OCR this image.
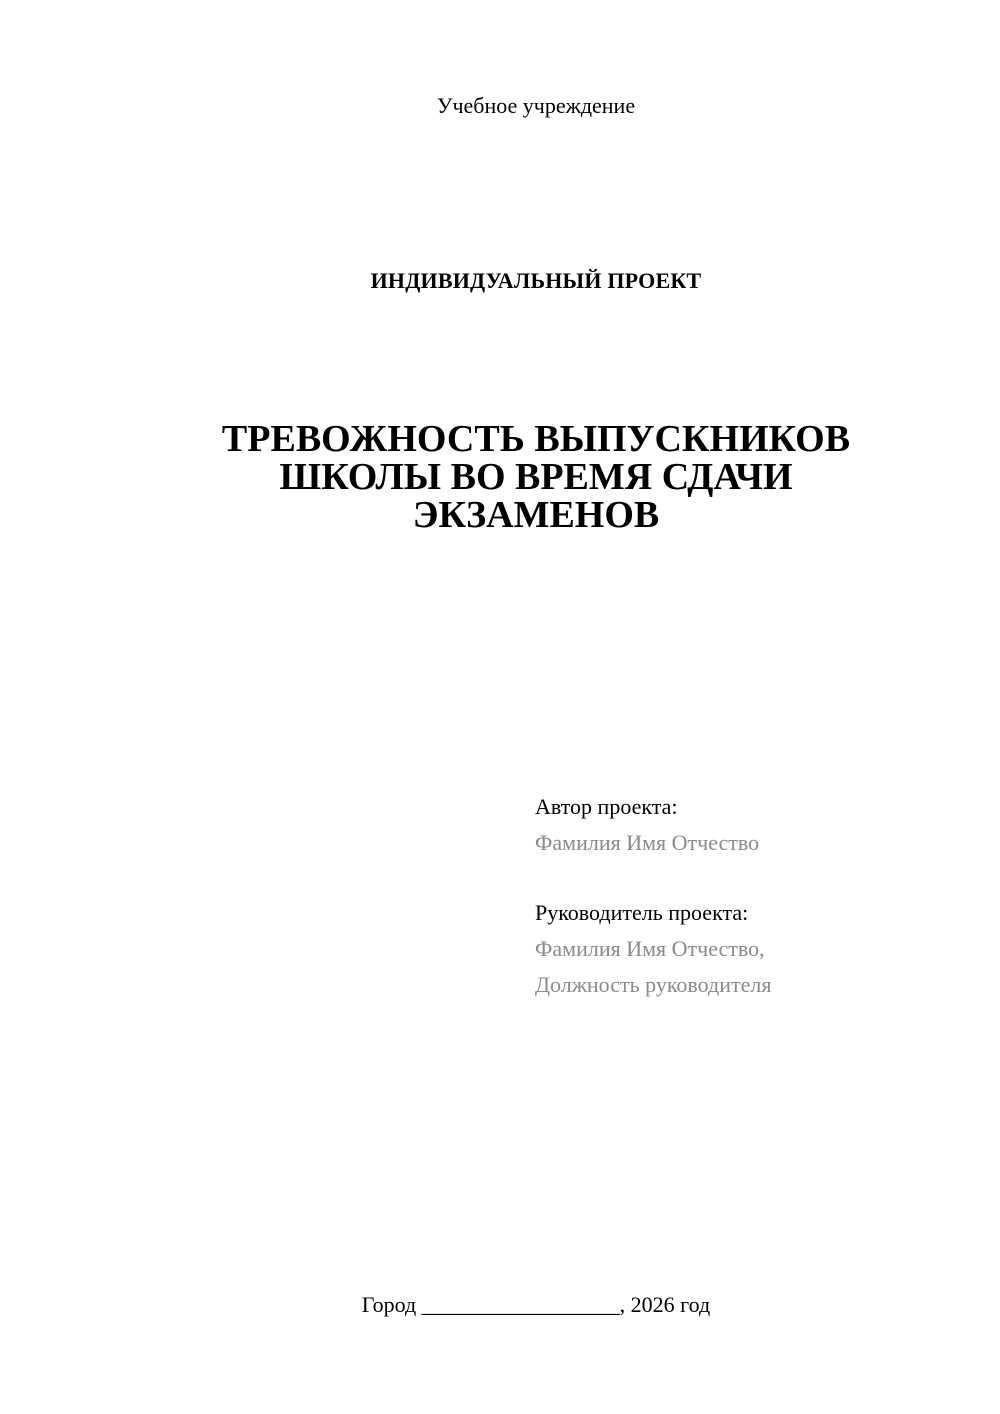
Учебное учреждение
ИНДИВИДУАЛЬНЫЙ ПРОЕКТ
ТРЕВОЖНОСТЬ ВЫПУСКНИКОВ
ШКОЛЫ ВО ВРЕМЯ СДАЧИ
ЭКЗАМЕНОВ
Автор проекта:
Фамилия Имя Отчество
Руководитель проекта:
Фамилия Имя Отчество,
Должность руководителя
Город __________________, 2026 год
